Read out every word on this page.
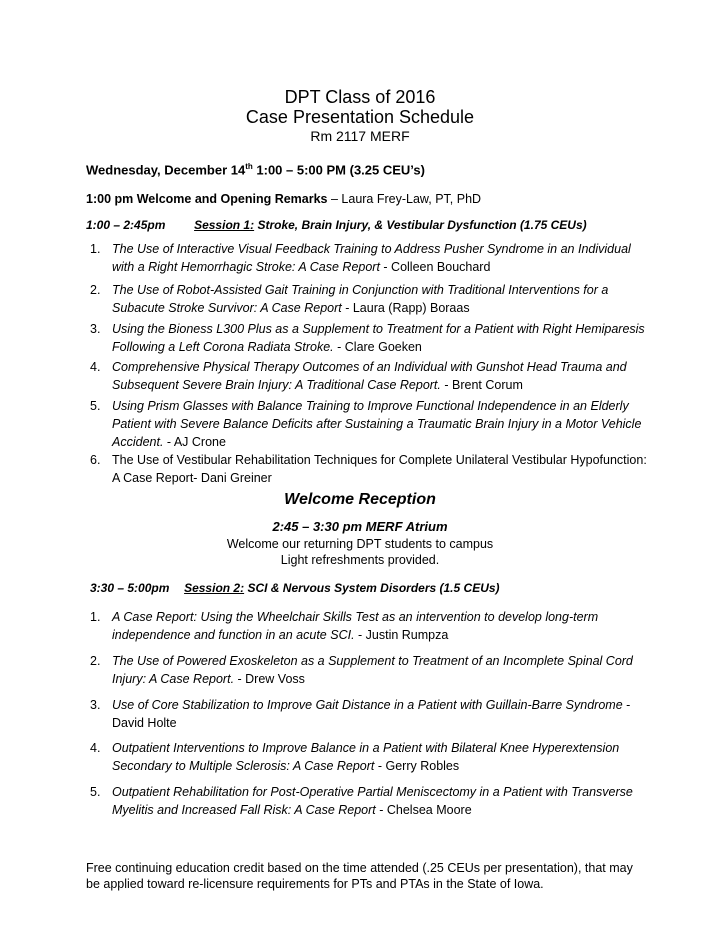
DPT Class of 2016
Case Presentation Schedule
Rm 2117 MERF
Wednesday, December 14th 1:00 – 5:00 PM (3.25 CEU’s)
1:00 pm Welcome and Opening Remarks – Laura Frey-Law, PT, PhD
1:00 – 2:45pm Session 1: Stroke, Brain Injury, & Vestibular Dysfunction (1.75 CEUs)
1. The Use of Interactive Visual Feedback Training to Address Pusher Syndrome in an Individual with a Right Hemorrhagic Stroke: A Case Report - Colleen Bouchard
2. The Use of Robot-Assisted Gait Training in Conjunction with Traditional Interventions for a Subacute Stroke Survivor: A Case Report - Laura (Rapp) Boraas
3. Using the Bioness L300 Plus as a Supplement to Treatment for a Patient with Right Hemiparesis Following a Left Corona Radiata Stroke. - Clare Goeken
4. Comprehensive Physical Therapy Outcomes of an Individual with Gunshot Head Trauma and Subsequent Severe Brain Injury: A Traditional Case Report. - Brent Corum
5. Using Prism Glasses with Balance Training to Improve Functional Independence in an Elderly Patient with Severe Balance Deficits after Sustaining a Traumatic Brain Injury in a Motor Vehicle Accident. - AJ Crone
6. The Use of Vestibular Rehabilitation Techniques for Complete Unilateral Vestibular Hypofunction: A Case Report- Dani Greiner
Welcome Reception
2:45 – 3:30 pm MERF Atrium
Welcome our returning DPT students to campus
Light refreshments provided.
3:30 – 5:00pm Session 2: SCI & Nervous System Disorders (1.5 CEUs)
1. A Case Report: Using the Wheelchair Skills Test as an intervention to develop long-term independence and function in an acute SCI. - Justin Rumpza
2. The Use of Powered Exoskeleton as a Supplement to Treatment of an Incomplete Spinal Cord Injury: A Case Report. - Drew Voss
3. Use of Core Stabilization to Improve Gait Distance in a Patient with Guillain-Barre Syndrome - David Holte
4. Outpatient Interventions to Improve Balance in a Patient with Bilateral Knee Hyperextension Secondary to Multiple Sclerosis: A Case Report - Gerry Robles
5. Outpatient Rehabilitation for Post-Operative Partial Meniscectomy in a Patient with Transverse Myelitis and Increased Fall Risk: A Case Report - Chelsea Moore
Free continuing education credit based on the time attended (.25 CEUs per presentation), that may be applied toward re-licensure requirements for PTs and PTAs in the State of Iowa.
